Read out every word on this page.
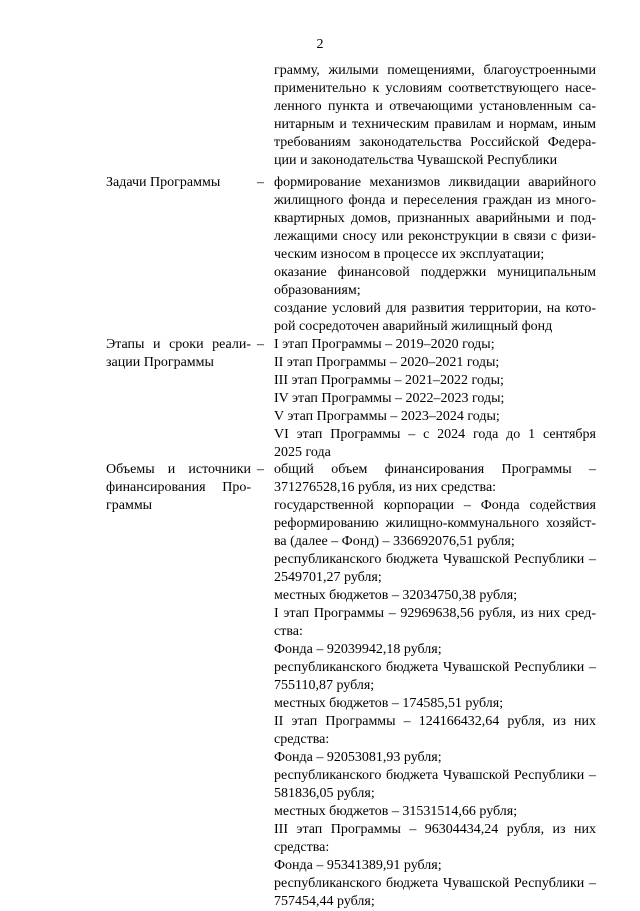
2
грамму, жилыми помещениями, благоустроенными
применительно к условиям соответствующего насе-
ленного пункта и отвечающими установленным са-
нитарным и техническим правилам и нормам, иным
требованиям законодательства Российской Федера-
ции и законодательства Чувашской Республики
Задачи Программы	– формирование механизмов ликвидации аварийного
жилищного фонда и переселения граждан из много-
квартирных домов, признанных аварийными и под-
лежащими сносу или реконструкции в связи с физи-
ческим износом в процессе их эксплуатации;
оказание финансовой поддержки муниципальным
образованиям;
создание условий для развития территории, на кото-
рой сосредоточен аварийный жилищный фонд
Этапы и сроки реали-зации Программы
– I этап Программы – 2019–2020 годы;
II этап Программы – 2020–2021 годы;
III этап Программы – 2021–2022 годы;
IV этап Программы – 2022–2023 годы;
V этап Программы – 2023–2024 годы;
VI этап Программы – с 2024 года до 1 сентября
2025 года
Объемы и источники финансирования Про-граммы
– общий объем финансирования Программы –
371276528,16 рубля, из них средства:
государственной корпорации – Фонда содействия
реформированию жилищно-коммунального хозяйст-
ва (далее – Фонд) – 336692076,51 рубля;
республиканского бюджета Чувашской Республики –
2549701,27 рубля;
местных бюджетов – 32034750,38 рубля;
I этап Программы – 92969638,56 рубля, из них сред-
ства:
Фонда – 92039942,18 рубля;
республиканского бюджета Чувашской Республики –
755110,87 рубля;
местных бюджетов – 174585,51 рубля;
II этап Программы – 124166432,64 рубля, из них
средства:
Фонда – 92053081,93 рубля;
республиканского бюджета Чувашской Республики –
581836,05 рубля;
местных бюджетов – 31531514,66 рубля;
III этап Программы – 96304434,24 рубля, из них
средства:
Фонда – 95341389,91 рубля;
республиканского бюджета Чувашской Республики –
757454,44 рубля;
